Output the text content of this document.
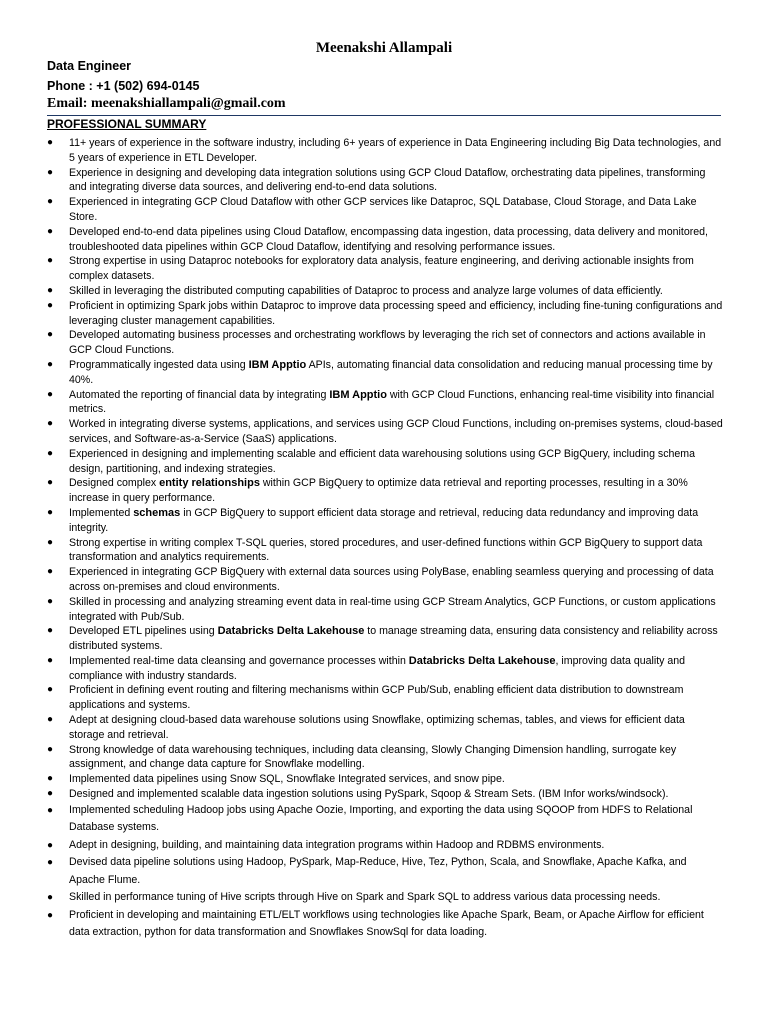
Meenakshi Allampali
Data Engineer
Phone : +1 (502) 694-0145
Email: meenakshiallampali@gmail.com
PROFESSIONAL SUMMARY
● 11+ years of experience in the software industry, including 6+ years of experience in Data Engineering including Big Data technologies, and 5 years of experience in ETL Developer.
● Experience in designing and developing data integration solutions using GCP Cloud Dataflow, orchestrating data pipelines, transforming and integrating diverse data sources, and delivering end-to-end data solutions.
● Experienced in integrating GCP Cloud Dataflow with other GCP services like Dataproc, SQL Database, Cloud Storage, and Data Lake Store.
● Developed end-to-end data pipelines using Cloud Dataflow, encompassing data ingestion, data processing, data delivery and monitored, troubleshooted data pipelines within GCP Cloud Dataflow, identifying and resolving performance issues.
● Strong expertise in using Dataproc notebooks for exploratory data analysis, feature engineering, and deriving actionable insights from complex datasets.
● Skilled in leveraging the distributed computing capabilities of Dataproc to process and analyze large volumes of data efficiently.
● Proficient in optimizing Spark jobs within Dataproc to improve data processing speed and efficiency, including fine-tuning configurations and leveraging cluster management capabilities.
● Developed automating business processes and orchestrating workflows by leveraging the rich set of connectors and actions available in GCP Cloud Functions.
● Programmatically ingested data using IBM Apptio APIs, automating financial data consolidation and reducing manual processing time by 40%.
● Automated the reporting of financial data by integrating IBM Apptio with GCP Cloud Functions, enhancing real-time visibility into financial metrics.
● Worked in integrating diverse systems, applications, and services using GCP Cloud Functions, including on-premises systems, cloud-based services, and Software-as-a-Service (SaaS) applications.
● Experienced in designing and implementing scalable and efficient data warehousing solutions using GCP BigQuery, including schema design, partitioning, and indexing strategies.
● Designed complex entity relationships within GCP BigQuery to optimize data retrieval and reporting processes, resulting in a 30% increase in query performance.
● Implemented schemas in GCP BigQuery to support efficient data storage and retrieval, reducing data redundancy and improving data integrity.
● Strong expertise in writing complex T-SQL queries, stored procedures, and user-defined functions within GCP BigQuery to support data transformation and analytics requirements.
● Experienced in integrating GCP BigQuery with external data sources using PolyBase, enabling seamless querying and processing of data across on-premises and cloud environments.
● Skilled in processing and analyzing streaming event data in real-time using GCP Stream Analytics, GCP Functions, or custom applications integrated with Pub/Sub.
● Developed ETL pipelines using Databricks Delta Lakehouse to manage streaming data, ensuring data consistency and reliability across distributed systems.
● Implemented real-time data cleansing and governance processes within Databricks Delta Lakehouse, improving data quality and compliance with industry standards.
● Proficient in defining event routing and filtering mechanisms within GCP Pub/Sub, enabling efficient data distribution to downstream applications and systems.
● Adept at designing cloud-based data warehouse solutions using Snowflake, optimizing schemas, tables, and views for efficient data storage and retrieval.
● Strong knowledge of data warehousing techniques, including data cleansing, Slowly Changing Dimension handling, surrogate key assignment, and change data capture for Snowflake modelling.
● Implemented data pipelines using Snow SQL, Snowflake Integrated services, and snow pipe.
● Designed and implemented scalable data ingestion solutions using PySpark, Sqoop & Stream Sets. (IBM Infor works/windsock).
● Implemented scheduling Hadoop jobs using Apache Oozie, Importing, and exporting the data using SQOOP from HDFS to Relational Database systems.
● Adept in designing, building, and maintaining data integration programs within Hadoop and RDBMS environments.
● Devised data pipeline solutions using Hadoop, PySpark, Map-Reduce, Hive, Tez, Python, Scala, and Snowflake, Apache Kafka, and Apache Flume.
● Skilled in performance tuning of Hive scripts through Hive on Spark and Spark SQL to address various data processing needs.
● Proficient in developing and maintaining ETL/ELT workflows using technologies like Apache Spark, Beam, or Apache Airflow for efficient data extraction, python for data transformation and Snowflakes SnowSql for data loading.
